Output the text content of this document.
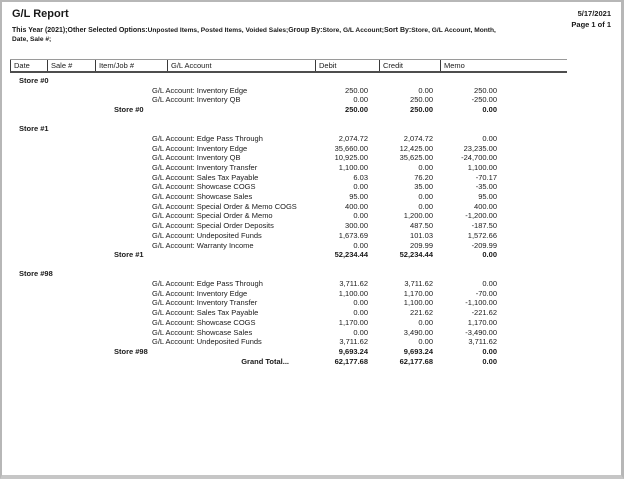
G/L Report	5/17/2021
Page 1 of 1
This Year (2021);Other Selected Options:Unposted Items, Posted Items, Voided Sales;Group By:Store, G/L Account;Sort By:Store, G/L Account, Month,
Date, Sale #;
Date	Sale #	Item/Job #	G/L Account	Debit	Credit	Memo
Store #0
G/L Account: Inventory Edge	250.00	0.00	250.00
G/L Account: Inventory QB	0.00	250.00	-250.00
Store #0	250.00	250.00	0.00
Store #1
G/L Account: Edge Pass Through	2,074.72	2,074.72	0.00
G/L Account: Inventory Edge	35,660.00	12,425.00	23,235.00
G/L Account: Inventory QB	10,925.00	35,625.00	-24,700.00
G/L Account: Inventory Transfer	1,100.00	0.00	1,100.00
G/L Account: Sales Tax Payable	6.03	76.20	-70.17
G/L Account: Showcase COGS	0.00	35.00	-35.00
G/L Account: Showcase Sales	95.00	0.00	95.00
G/L Account: Special Order & Memo COGS	400.00	0.00	400.00
G/L Account: Special Order & Memo	0.00	1,200.00	-1,200.00
G/L Account: Special Order Deposits	300.00	487.50	-187.50
G/L Account: Undeposited Funds	1,673.69	101.03	1,572.66
G/L Account: Warranty Income	0.00	209.99	-209.99
Store #1	52,234.44	52,234.44	0.00
Store #98
G/L Account: Edge Pass Through	3,711.62	3,711.62	0.00
G/L Account: Inventory Edge	1,100.00	1,170.00	-70.00
G/L Account: Inventory Transfer	0.00	1,100.00	-1,100.00
G/L Account: Sales Tax Payable	0.00	221.62	-221.62
G/L Account: Showcase COGS	1,170.00	0.00	1,170.00
G/L Account: Showcase Sales	0.00	3,490.00	-3,490.00
G/L Account: Undeposited Funds	3,711.62	0.00	3,711.62
Store #98	9,693.24	9,693.24	0.00
Grand Total...	62,177.68	62,177.68	0.00
